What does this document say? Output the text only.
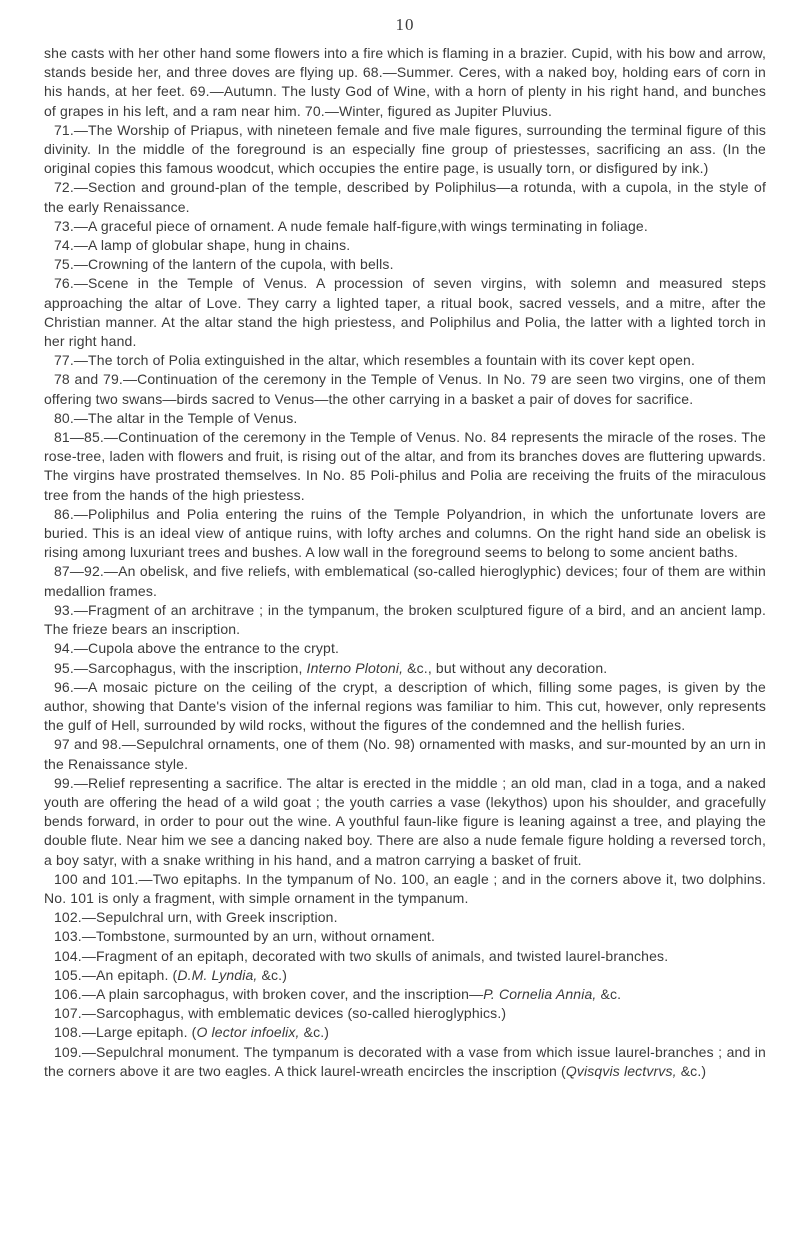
10

she casts with her other hand some flowers into a fire which is flaming in a brazier. Cupid, with his bow and arrow, stands beside her, and three doves are flying up. 68.—Summer. Ceres, with a naked boy, holding ears of corn in his hands, at her feet. 69.—Autumn. The lusty God of Wine, with a horn of plenty in his right hand, and bunches of grapes in his left, and a ram near him. 70.—Winter, figured as Jupiter Pluvius.

71.—The Worship of Priapus, with nineteen female and five male figures, surrounding the terminal figure of this divinity. In the middle of the foreground is an especially fine group of priestesses, sacrificing an ass. (In the original copies this famous woodcut, which occupies the entire page, is usually torn, or disfigured by ink.)

72.—Section and ground-plan of the temple, described by Poliphilus—a rotunda, with a cupola, in the style of the early Renaissance.

73.—A graceful piece of ornament. A nude female half-figure,with wings terminating in foliage.

74.—A lamp of globular shape, hung in chains.

75.—Crowning of the lantern of the cupola, with bells.

76.—Scene in the Temple of Venus. A procession of seven virgins, with solemn and measured steps approaching the altar of Love. They carry a lighted taper, a ritual book, sacred vessels, and a mitre, after the Christian manner. At the altar stand the high priestess, and Poliphilus and Polia, the latter with a lighted torch in her right hand.

77.—The torch of Polia extinguished in the altar, which resembles a fountain with its cover kept open.

78 and 79.—Continuation of the ceremony in the Temple of Venus. In No. 79 are seen two virgins, one of them offering two swans—birds sacred to Venus—the other carrying in a basket a pair of doves for sacrifice.

80.—The altar in the Temple of Venus.

81—85.—Continuation of the ceremony in the Temple of Venus. No. 84 represents the miracle of the roses. The rose-tree, laden with flowers and fruit, is rising out of the altar, and from its branches doves are fluttering upwards. The virgins have prostrated themselves. In No. 85 Poli-philus and Polia are receiving the fruits of the miraculous tree from the hands of the high priestess.

86.—Poliphilus and Polia entering the ruins of the Temple Polyandrion, in which the unfortunate lovers are buried. This is an ideal view of antique ruins, with lofty arches and columns. On the right hand side an obelisk is rising among luxuriant trees and bushes. A low wall in the foreground seems to belong to some ancient baths.

87—92.—An obelisk, and five reliefs, with emblematical (so-called hieroglyphic) devices; four of them are within medallion frames.

93.—Fragment of an architrave ; in the tympanum, the broken sculptured figure of a bird, and an ancient lamp. The frieze bears an inscription.

94.—Cupola above the entrance to the crypt.

95.—Sarcophagus, with the inscription, Interno Plotoni, &c., but without any decoration.

96.—A mosaic picture on the ceiling of the crypt, a description of which, filling some pages, is given by the author, showing that Dante's vision of the infernal regions was familiar to him. This cut, however, only represents the gulf of Hell, surrounded by wild rocks, without the figures of the condemned and the hellish furies.

97 and 98.—Sepulchral ornaments, one of them (No. 98) ornamented with masks, and sur-mounted by an urn in the Renaissance style.

99.—Relief representing a sacrifice. The altar is erected in the middle ; an old man, clad in a toga, and a naked youth are offering the head of a wild goat ; the youth carries a vase (lekythos) upon his shoulder, and gracefully bends forward, in order to pour out the wine. A youthful faun-like figure is leaning against a tree, and playing the double flute. Near him we see a dancing naked boy. There are also a nude female figure holding a reversed torch, a boy satyr, with a snake writhing in his hand, and a matron carrying a basket of fruit.

100 and 101.—Two epitaphs. In the tympanum of No. 100, an eagle ; and in the corners above it, two dolphins. No. 101 is only a fragment, with simple ornament in the tympanum.

102.—Sepulchral urn, with Greek inscription.

103.—Tombstone, surmounted by an urn, without ornament.

104.—Fragment of an epitaph, decorated with two skulls of animals, and twisted laurel-branches.

105.—An epitaph. (D.M. Lyndia, &c.)

106.—A plain sarcophagus, with broken cover, and the inscription—P. Cornelia Annia, &c.

107.—Sarcophagus, with emblematic devices (so-called hieroglyphics.)

108.—Large epitaph. (O lector infoelix, &c.)

109.—Sepulchral monument. The tympanum is decorated with a vase from which issue laurel-branches ; and in the corners above it are two eagles. A thick laurel-wreath encircles the inscription (Qvisqvis lectvrvs, &c.)
